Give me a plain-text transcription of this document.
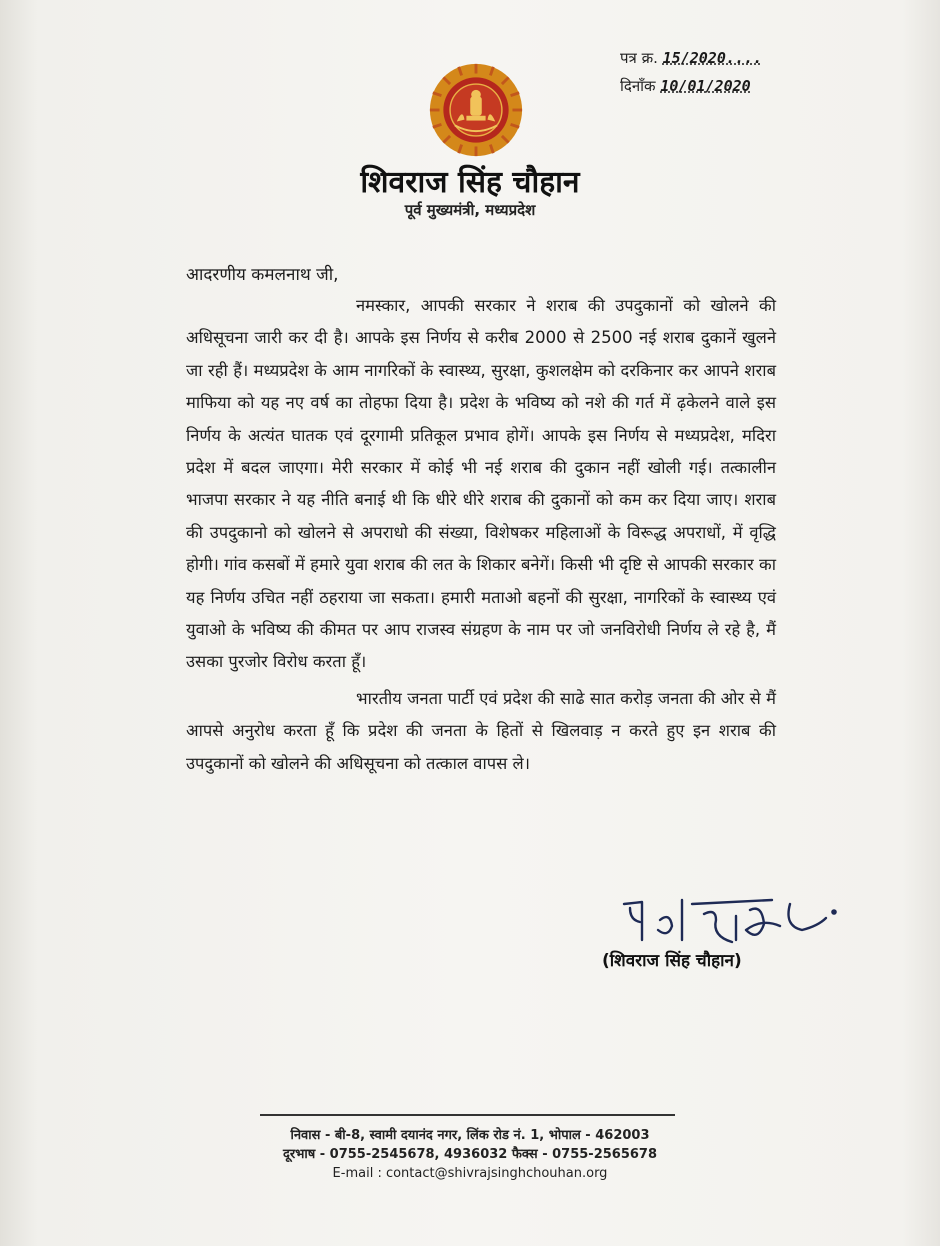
पत्र क्र. 15/2020....
दिनाँक 10/01/2020
शिवराज सिंह चौहान
पूर्व मुख्यमंत्री, मध्यप्रदेश
आदरणीय कमलनाथ जी,

नमस्कार, आपकी सरकार ने शराब की उपदुकानों को खोलने की अधिसूचना जारी कर दी है। आपके इस निर्णय से करीब 2000 से 2500 नई शराब दुकानें खुलने जा रही हैं। मध्यप्रदेश के आम नागरिकों के स्वास्थ्य, सुरक्षा, कुशलक्षेम को दरकिनार कर आपने शराब माफिया को यह नए वर्ष का तोहफा दिया है। प्रदेश के भविष्य को नशे की गर्त में ढ़केलने वाले इस निर्णय के अत्यंत घातक एवं दूरगामी प्रतिकूल प्रभाव होगें। आपके इस निर्णय से मध्यप्रदेश, मदिरा प्रदेश में बदल जाएगा। मेरी सरकार में कोई भी नई शराब की दुकान नहीं खोली गई। तत्कालीन भाजपा सरकार ने यह नीति बनाई थी कि धीरे धीरे शराब की दुकानों को कम कर दिया जाए। शराब की उपदुकानो को खोलने से अपराधो की संख्या, विशेषकर महिलाओं के विरूद्ध अपराधों, में वृद्धि होगी। गांव कसबों में हमारे युवा शराब की लत के शिकार बनेगें। किसी भी दृष्टि से आपकी सरकार का यह निर्णय उचित नहीं ठहराया जा सकता। हमारी मताओ बहनों की सुरक्षा, नागरिकों के स्वास्थ्य एवं युवाओ के भविष्य की कीमत पर आप राजस्व संग्रहण के नाम पर जो जनविरोधी निर्णय ले रहे है, मैं उसका पुरजोर विरोध करता हूँ।

भारतीय जनता पार्टी एवं प्रदेश की साढे सात करोड़ जनता की ओर से मैं आपसे अनुरोध करता हूँ कि प्रदेश की जनता के हितों से खिलवाड़ न करते हुए इन शराब की उपदुकानों को खोलने की अधिसूचना को तत्काल वापस ले।

(शिवराज सिंह चौहान)
निवास - बी-8, स्वामी दयानंद नगर, लिंक रोड नं. 1, भोपाल - 462003
दूरभाष - 0755-2545678, 4936032 फैक्स - 0755-2565678
E-mail : contact@shivrajsinghchouhan.org
